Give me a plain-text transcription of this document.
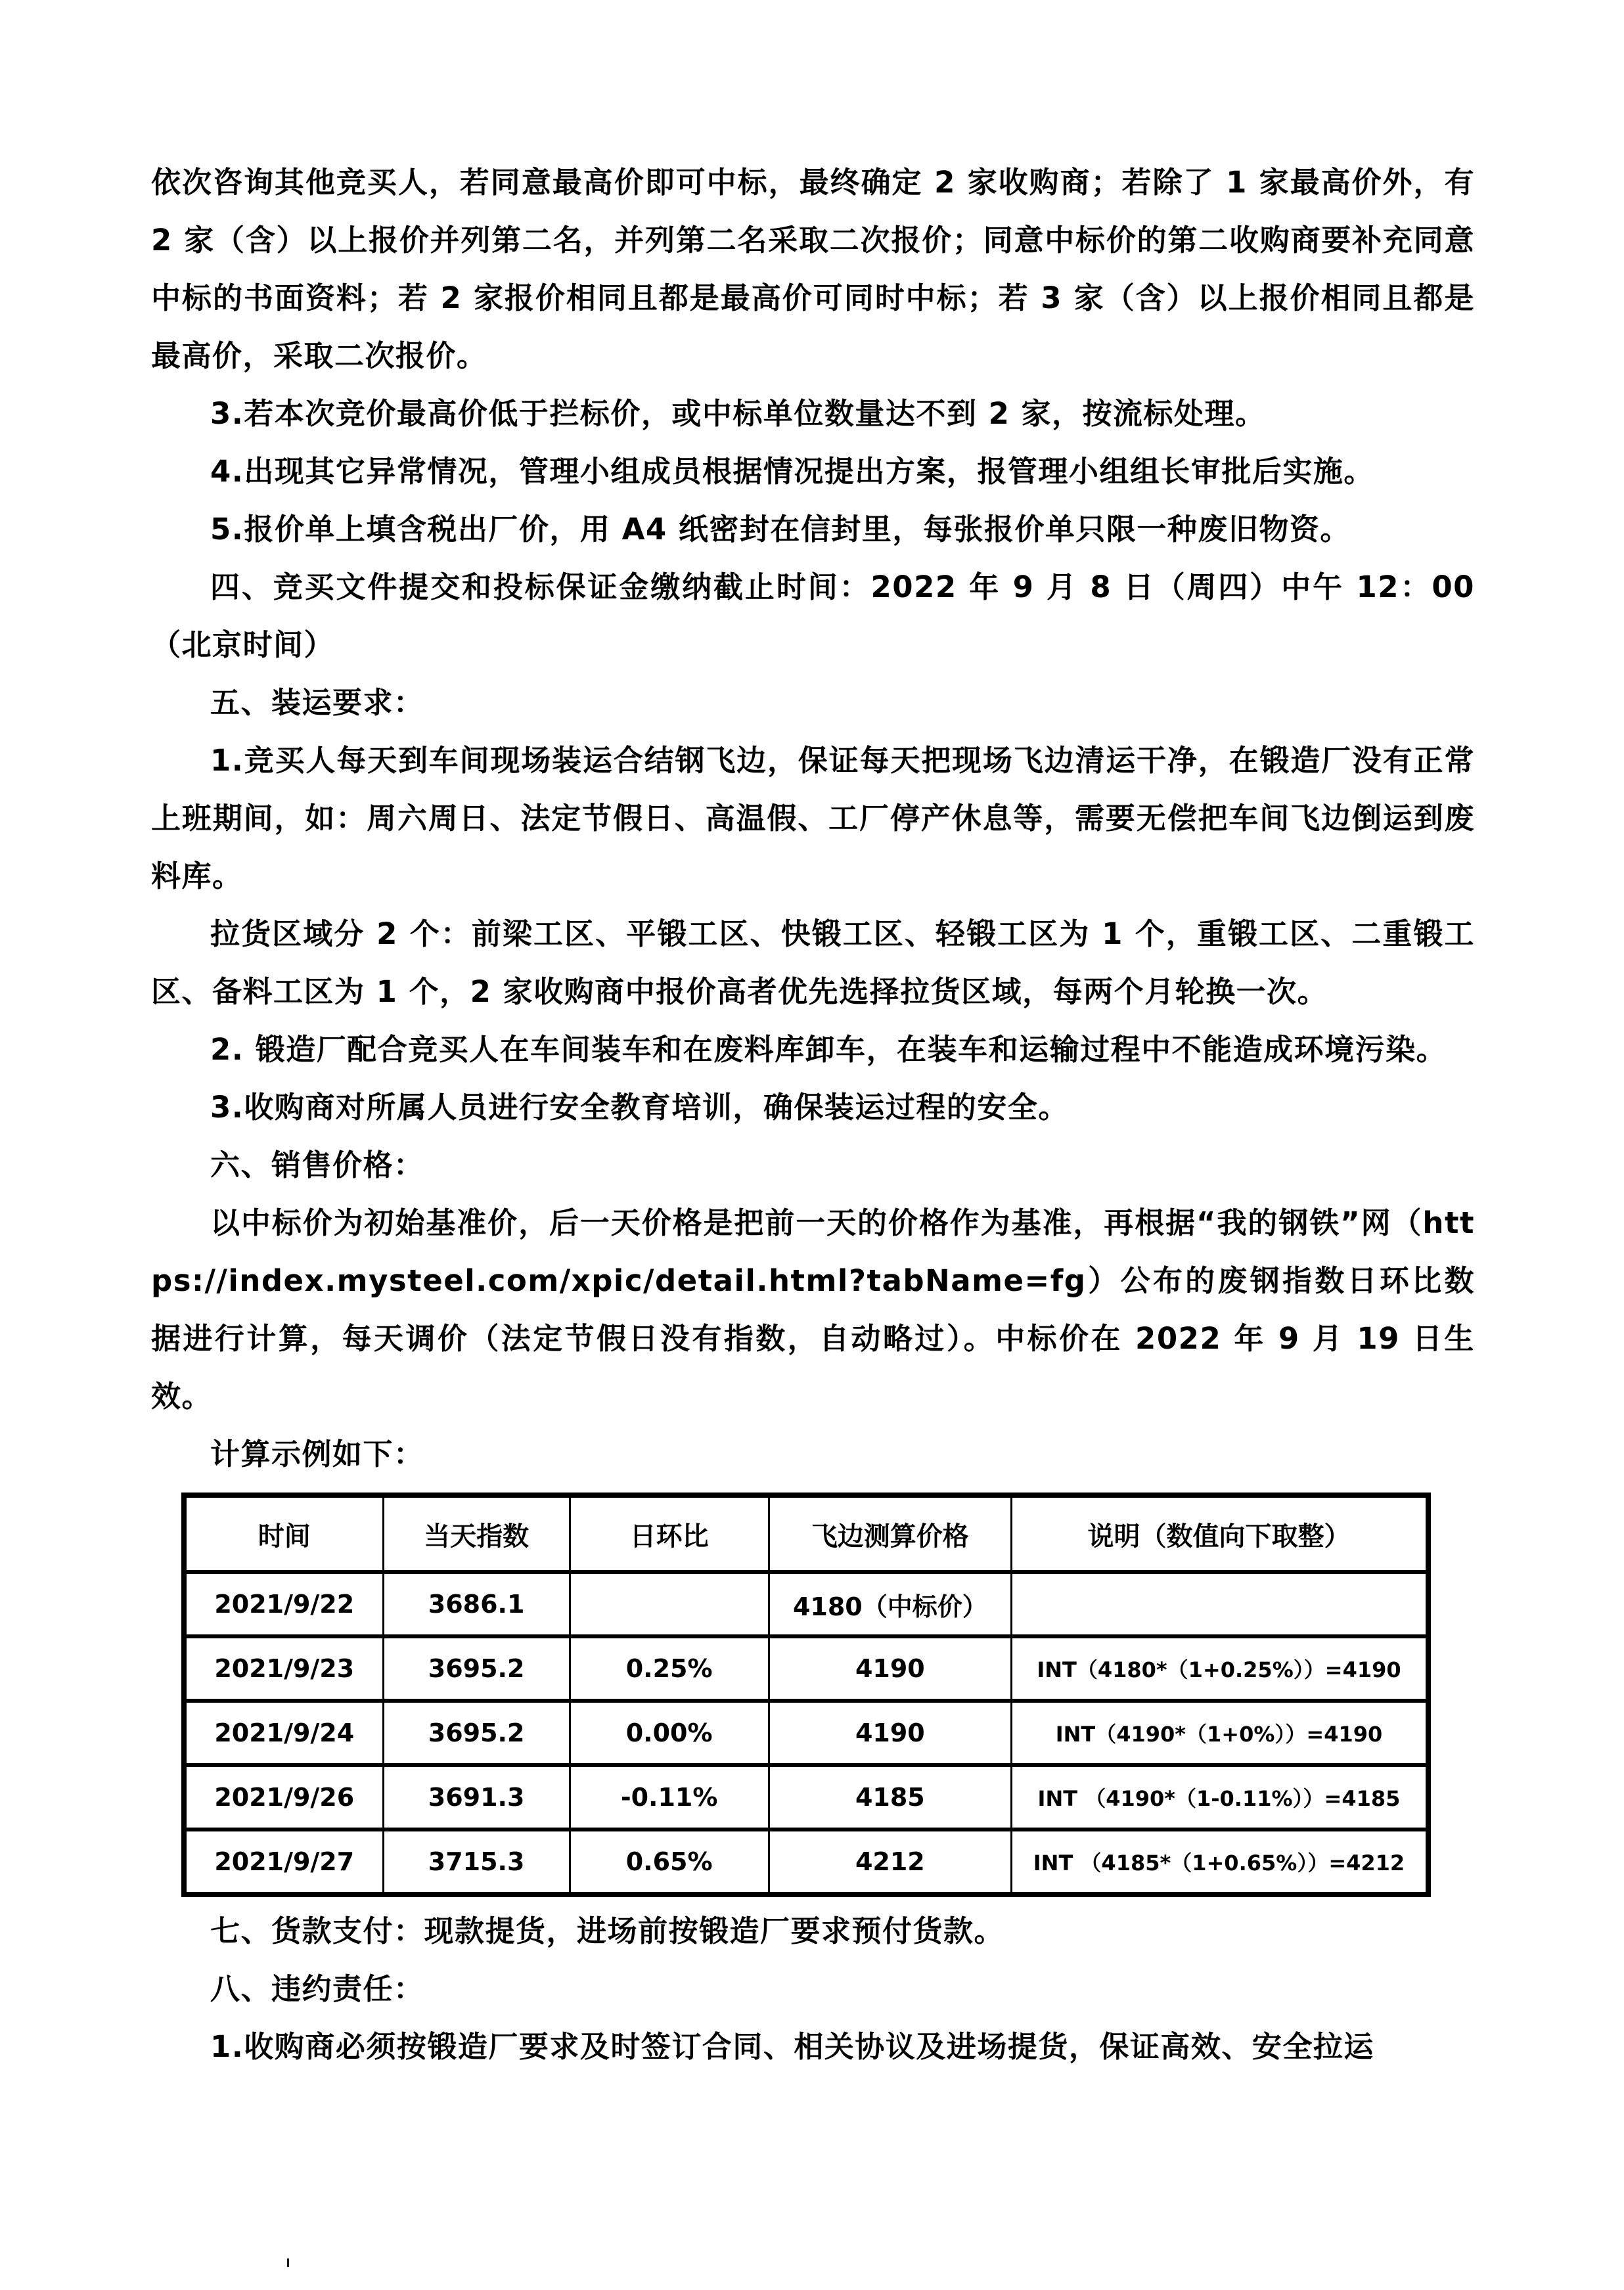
依次咨询其他竞买人，若同意最高价即可中标，最终确定 2 家收购商；若除了 1 家最高价外，有 2 家（含）以上报价并列第二名，并列第二名采取二次报价；同意中标价的第二收购商要补充同意中标的书面资料；若 2 家报价相同且都是最高价可同时中标；若 3 家（含）以上报价相同且都是最高价，采取二次报价。

3.若本次竞价最高价低于拦标价，或中标单位数量达不到 2 家，按流标处理。

4.出现其它异常情况，管理小组成员根据情况提出方案，报管理小组组长审批后实施。

5.报价单上填含税出厂价，用 A4 纸密封在信封里，每张报价单只限一种废旧物资。

四、竞买文件提交和投标保证金缴纳截止时间：2022 年 9 月 8 日（周四）中午 12：00（北京时间）

五、装运要求：

1.竞买人每天到车间现场装运合结钢飞边，保证每天把现场飞边清运干净，在锻造厂没有正常上班期间，如：周六周日、法定节假日、高温假、工厂停产休息等，需要无偿把车间飞边倒运到废料库。

拉货区域分 2 个：前梁工区、平锻工区、快锻工区、轻锻工区为 1 个，重锻工区、二重锻工区、备料工区为 1 个，2 家收购商中报价高者优先选择拉货区域，每两个月轮换一次。

2. 锻造厂配合竞买人在车间装车和在废料库卸车，在装车和运输过程中不能造成环境污染。

3.收购商对所属人员进行安全教育培训，确保装运过程的安全。

六、销售价格：

以中标价为初始基准价，后一天价格是把前一天的价格作为基准，再根据“我的钢铁”网（https://index.mysteel.com/xpic/detail.html?tabName=fg）公布的废钢指数日环比数据进行计算，每天调价（法定节假日没有指数，自动略过）。中标价在 2022 年 9 月 19 日生效。

计算示例如下：

时间	当天指数	日环比	飞边测算价格	说明（数值向下取整）
2021/9/22	3686.1		4180（中标价）	
2021/9/23	3695.2	0.25%	4190	INT（4180*（1+0.25%））=4190
2021/9/24	3695.2	0.00%	4190	INT（4190*（1+0%））=4190
2021/9/26	3691.3	-0.11%	4185	INT （4190*（1-0.11%））=4185
2021/9/27	3715.3	0.65%	4212	INT （4185*（1+0.65%））=4212

七、货款支付：现款提货，进场前按锻造厂要求预付货款。

八、违约责任：

1.收购商必须按锻造厂要求及时签订合同、相关协议及进场提货，保证高效、安全拉运
